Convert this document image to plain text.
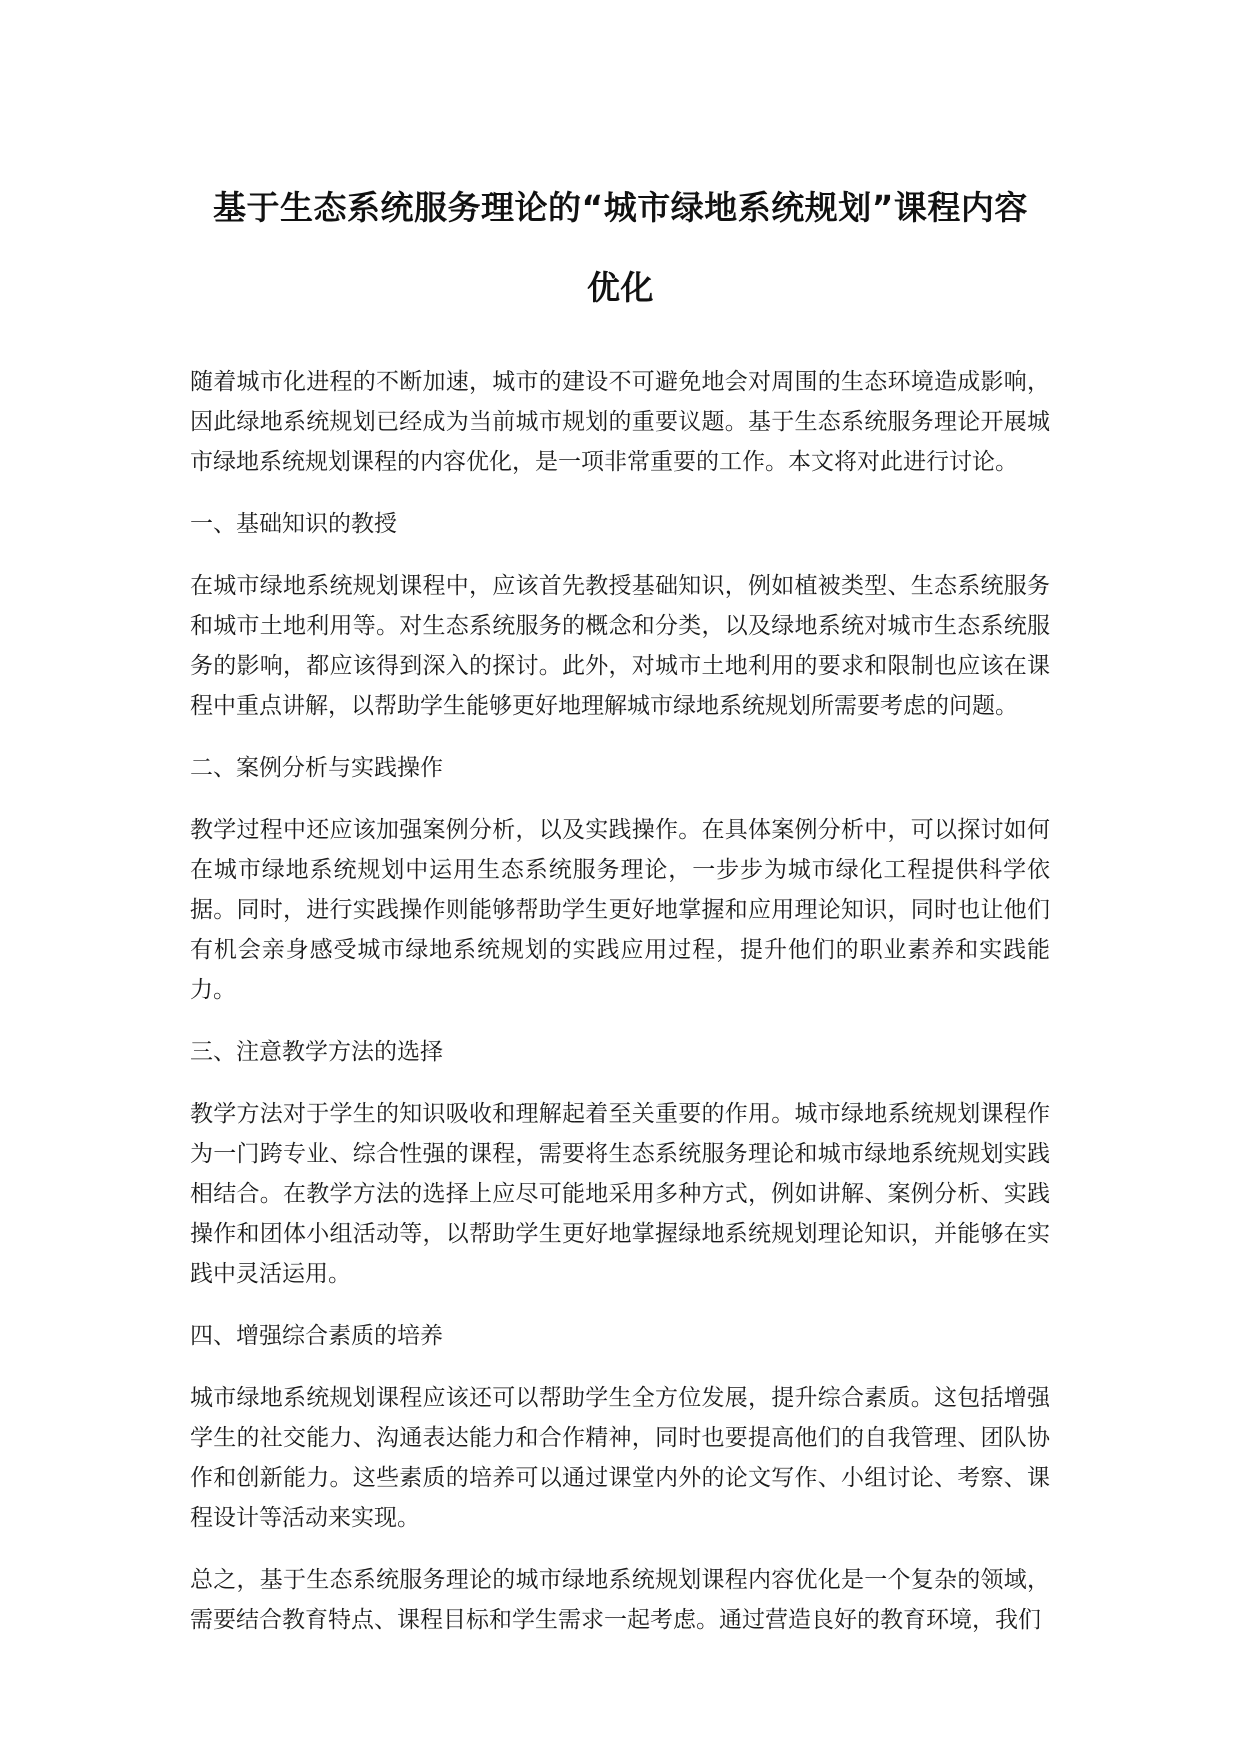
基于生态系统服务理论的“城市绿地系统规划”课程内容
优化

随着城市化进程的不断加速，城市的建设不可避免地会对周围的生态环境造成影响，因此绿地系统规划已经成为当前城市规划的重要议题。基于生态系统服务理论开展城市绿地系统规划课程的内容优化，是一项非常重要的工作。本文将对此进行讨论。

一、基础知识的教授

在城市绿地系统规划课程中，应该首先教授基础知识，例如植被类型、生态系统服务和城市土地利用等。对生态系统服务的概念和分类，以及绿地系统对城市生态系统服务的影响，都应该得到深入的探讨。此外，对城市土地利用的要求和限制也应该在课程中重点讲解，以帮助学生能够更好地理解城市绿地系统规划所需要考虑的问题。

二、案例分析与实践操作

教学过程中还应该加强案例分析，以及实践操作。在具体案例分析中，可以探讨如何在城市绿地系统规划中运用生态系统服务理论，一步步为城市绿化工程提供科学依据。同时，进行实践操作则能够帮助学生更好地掌握和应用理论知识，同时也让他们有机会亲身感受城市绿地系统规划的实践应用过程，提升他们的职业素养和实践能力。

三、注意教学方法的选择

教学方法对于学生的知识吸收和理解起着至关重要的作用。城市绿地系统规划课程作为一门跨专业、综合性强的课程，需要将生态系统服务理论和城市绿地系统规划实践相结合。在教学方法的选择上应尽可能地采用多种方式，例如讲解、案例分析、实践操作和团体小组活动等，以帮助学生更好地掌握绿地系统规划理论知识，并能够在实践中灵活运用。

四、增强综合素质的培养

城市绿地系统规划课程应该还可以帮助学生全方位发展，提升综合素质。这包括增强学生的社交能力、沟通表达能力和合作精神，同时也要提高他们的自我管理、团队协作和创新能力。这些素质的培养可以通过课堂内外的论文写作、小组讨论、考察、课程设计等活动来实现。

总之，基于生态系统服务理论的城市绿地系统规划课程内容优化是一个复杂的领域，需要结合教育特点、课程目标和学生需求一起考虑。通过营造良好的教育环境，我们
